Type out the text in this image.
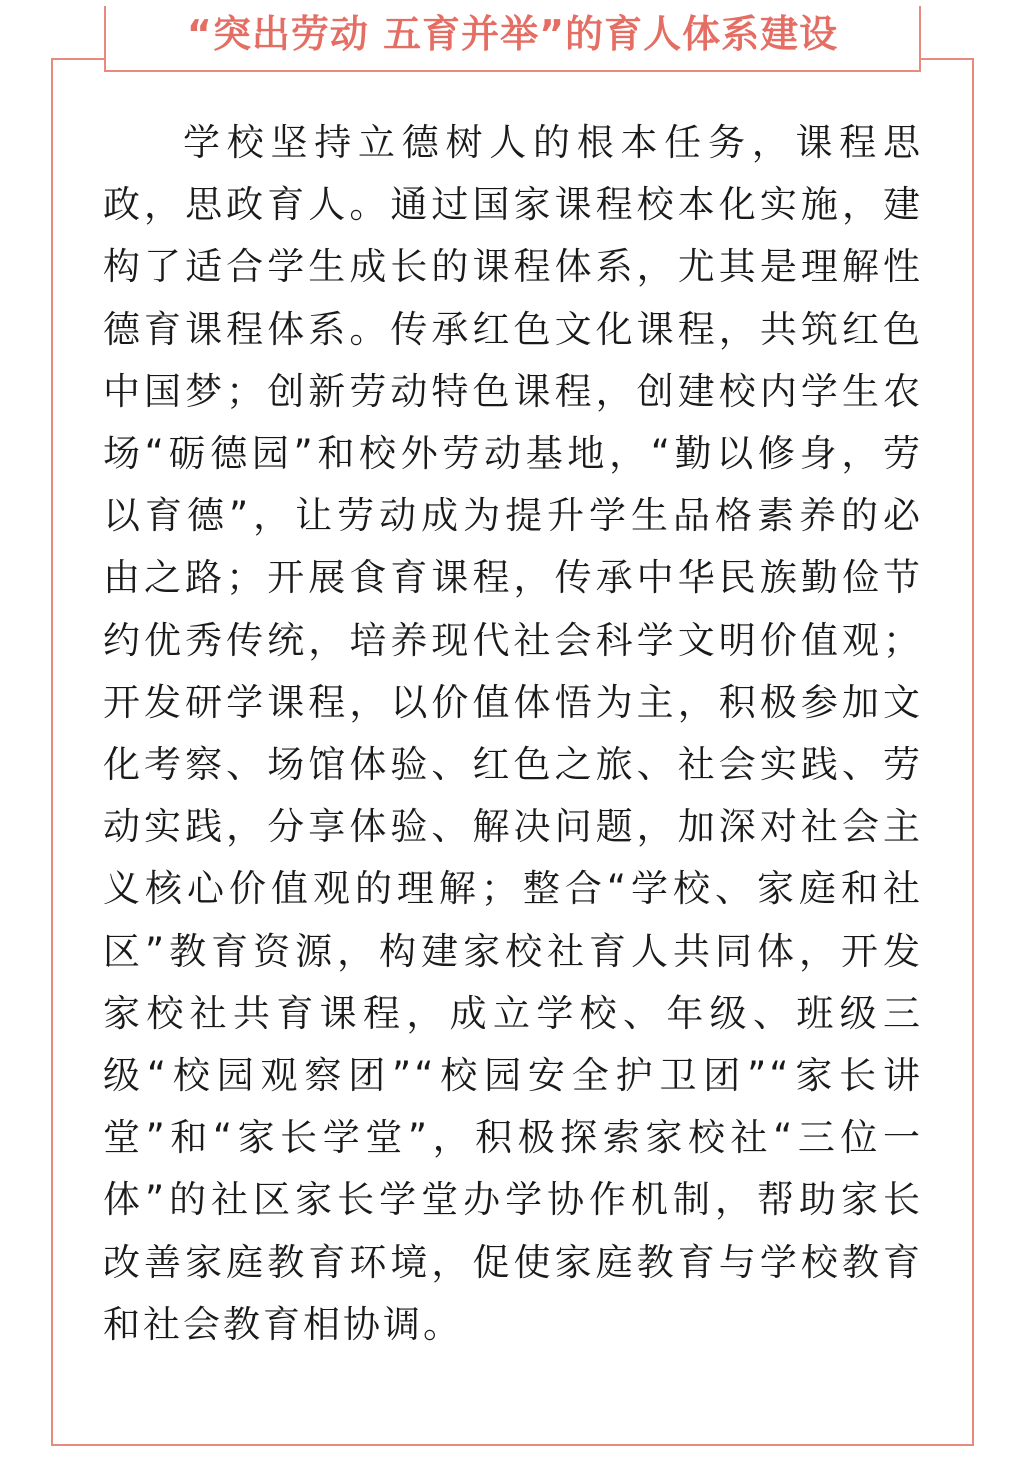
“突出劳动 五育并举”的育人体系建设

学校坚持立德树人的根本任务，课程思政，思政育人。通过国家课程校本化实施，建构了适合学生成长的课程体系，尤其是理解性德育课程体系。传承红色文化课程，共筑红色中国梦；创新劳动特色课程，创建校内学生农场“砺德园”和校外劳动基地，“勤以修身，劳以育德”，让劳动成为提升学生品格素养的必由之路；开展食育课程，传承中华民族勤俭节约优秀传统，培养现代社会科学文明价值观；开发研学课程，以价值体悟为主，积极参加文化考察、场馆体验、红色之旅、社会实践、劳动实践，分享体验、解决问题，加深对社会主义核心价值观的理解；整合“学校、家庭和社区”教育资源，构建家校社育人共同体，开发家校社共育课程，成立学校、年级、班级三级“校园观察团”“校园安全护卫团”“家长讲堂”和“家长学堂”，积极探索家校社“三位一体”的社区家长学堂办学协作机制，帮助家长改善家庭教育环境，促使家庭教育与学校教育和社会教育相协调。
